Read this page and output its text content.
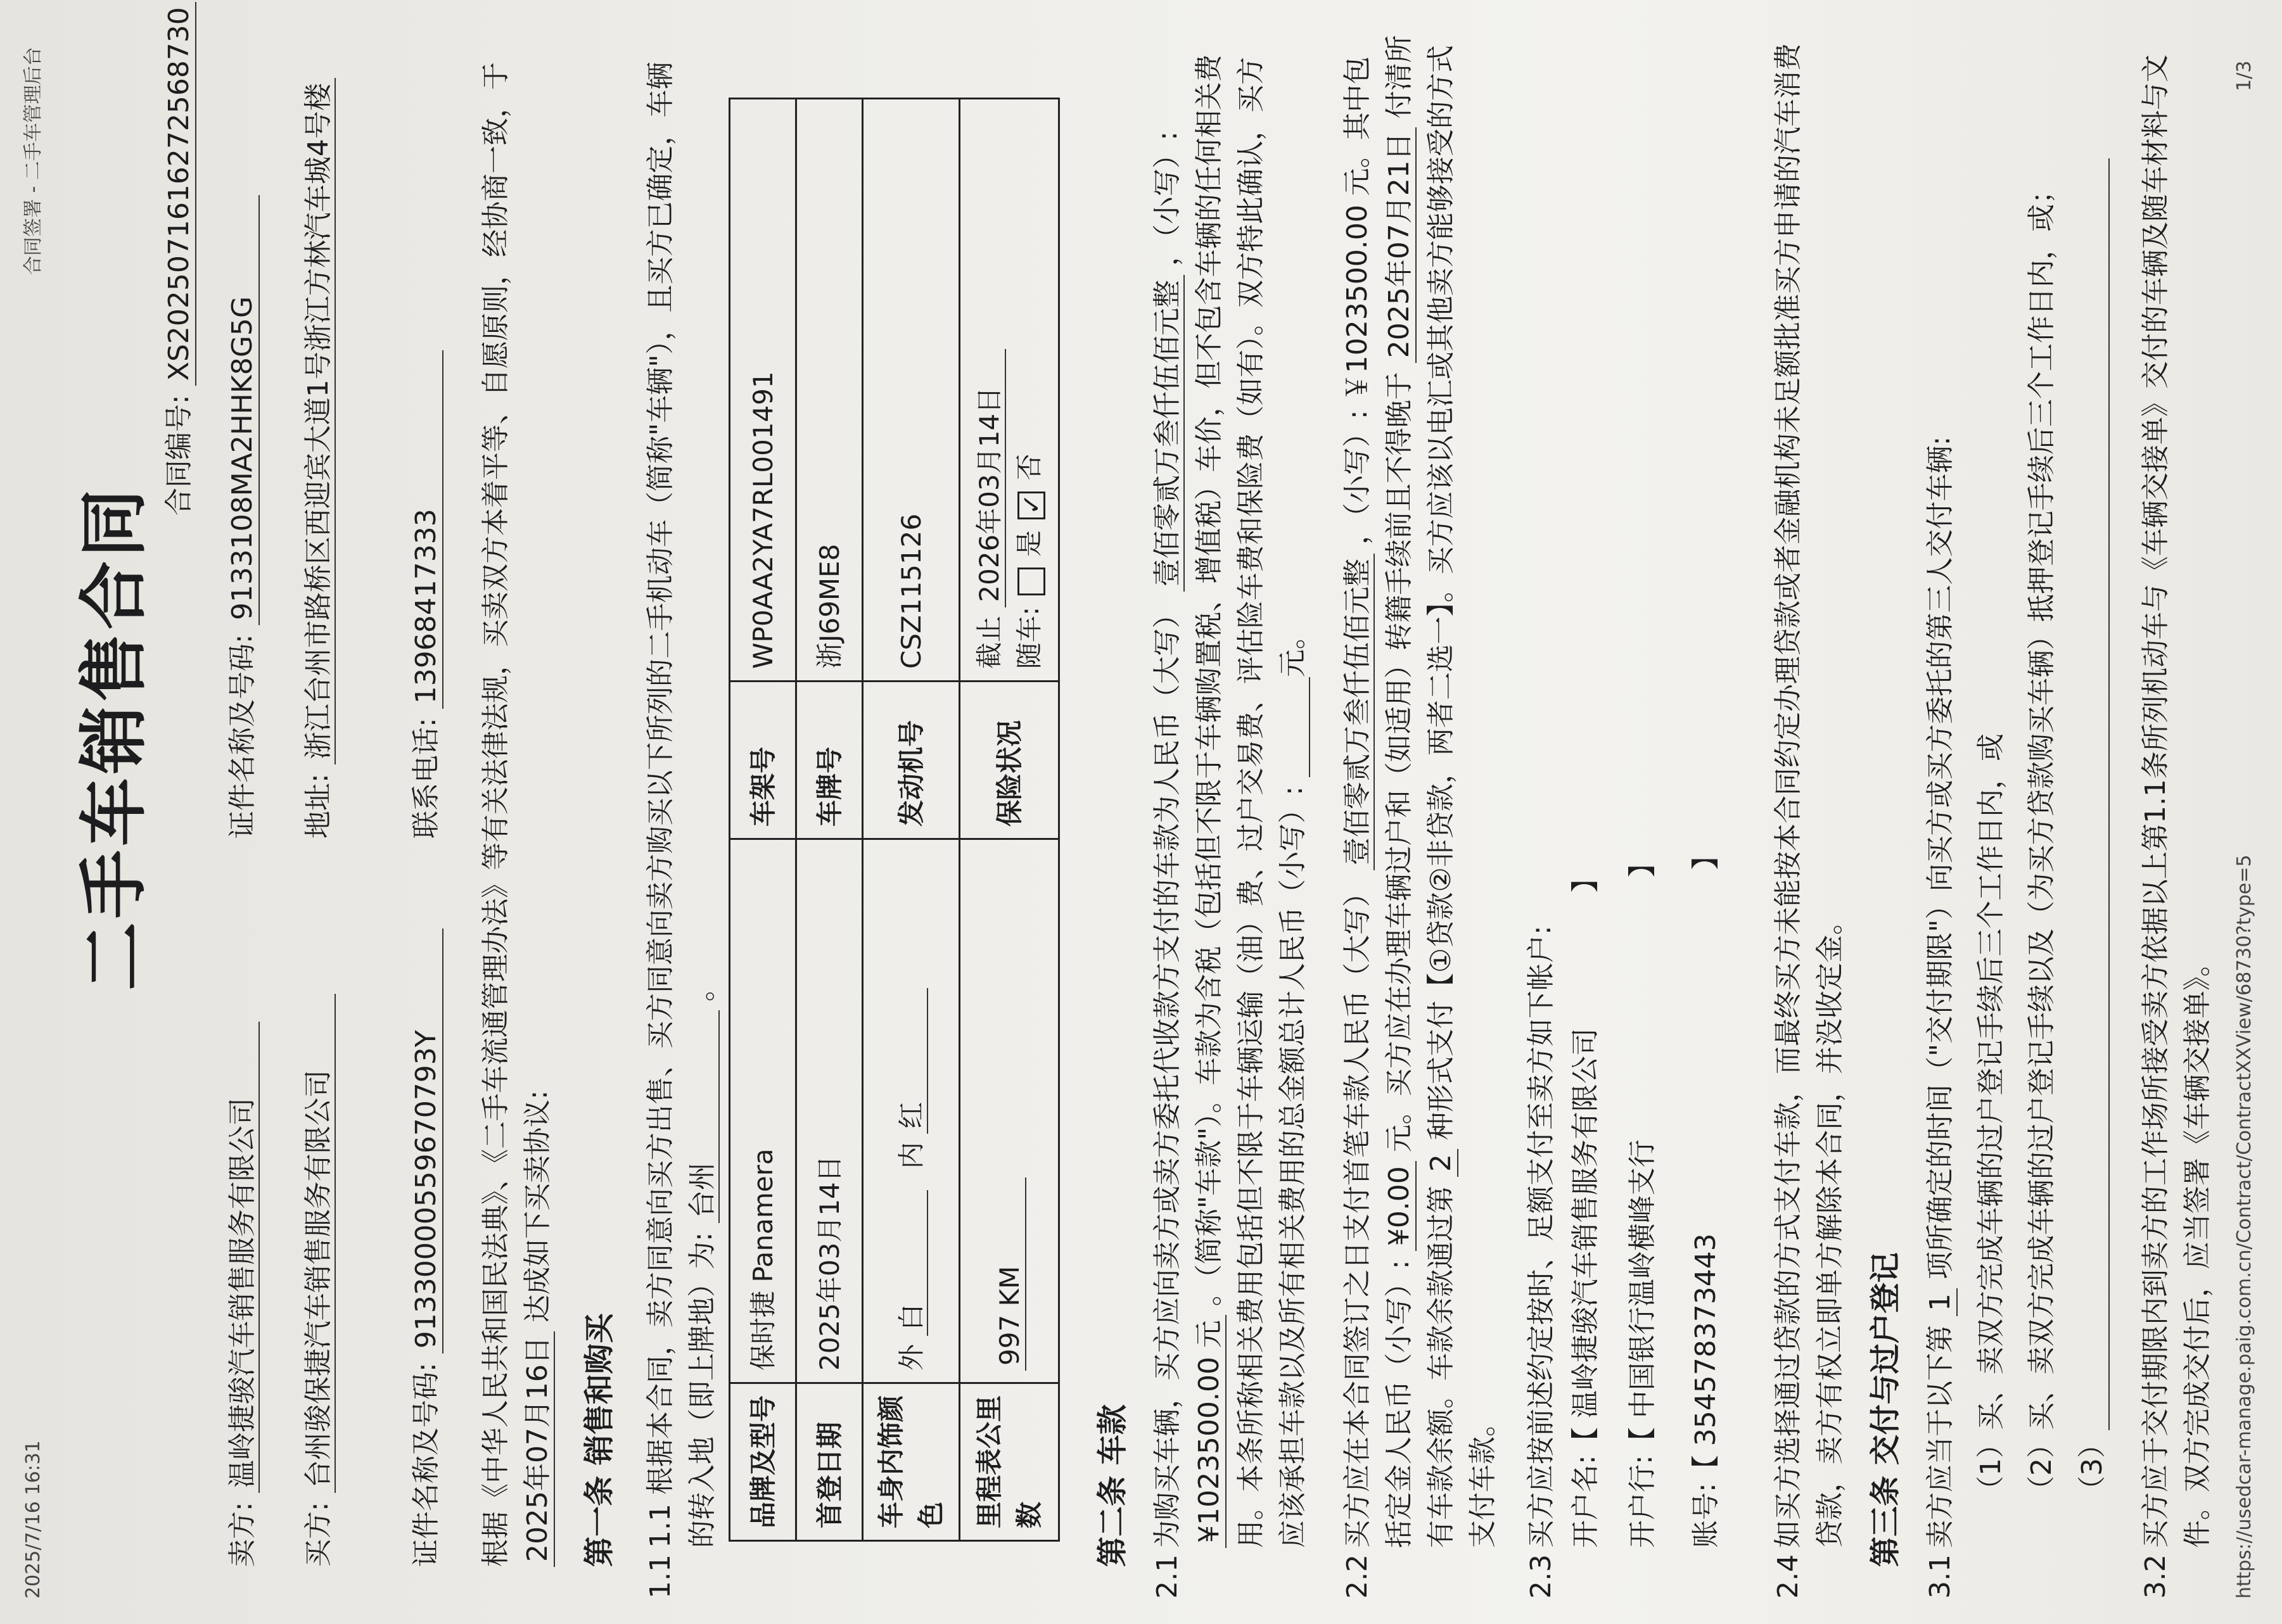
2025/7/16 16:31
合同签署 - 二手车管理后台
二手车销售合同
合同编号: XS2025071616272568730
卖方: 温岭捷骏汽车销售服务有限公司
证件名称及号码: 9133108MA2HHK8G5G
买方: 台州骏保捷汽车销售服务有限公司
地址: 浙江台州市路桥区西迎宾大道1号浙江方林汽车城4号楼
证件名称及号码: 91330000559670793Y
联系电话: 13968417333 根据《中华人民共和国民法典》、《二手车流通管理办法》等有关法律法规，买卖双方本着平等、自愿原则，经协商一致，于 2025年07月16日 达成如下买卖协议:
第一条 销售和购买
1.1
1.1 根据本合同，卖方同意向买方出售、买方同意向卖方购买以下所列的二手机动车（简称"车辆"），且买方已确定，车辆的转入地（即上牌地）为: 台州 。
品牌及型号	保时捷 Panamera	车架号	WP0AA2YA7RL001491
首登日期	2025年03月14日	车牌号	浙J69ME8
车身内饰颜色	外 白 内 红	发动机号	CSZ115126
里程表公里数	997 KM	保险状况	截止 2026年03月14日
随车:  是 ✓ 否
第二条 车款
2.1
为购买车辆，买方应向卖方或卖方委托代收款方支付的车款为人民币（大写） 壹佰零贰万叁仟伍佰元整 ，（小写）: ¥1023500.00 元 。（简称"车款"）。车款为含税（包括但不限于车辆购置税、增值税）车价，但不包含车辆的任何相关费用。本条所称相关费用包括但不限于车辆运输（油）费、过户交易费、评估险车费和保险费（如有）。双方特此确认，买方应该承担车款以及所有相关费用的总金额总计人民币（小写）: 元。
2.2
买方应在本合同签订之日支付首笔车款人民币（大写） 壹佰零贰万叁仟伍佰元整 ，（小写）: ￥1023500.00 元。其中包括定金人民币（小写）: ¥0.00 元。买方应在办理车辆过户和（如适用）转籍手续前且不得晚于 2025年07月21日 付清所有车款余额。车款余款通过第 2 种形式支付【①贷款②非贷款，两者二选一】。买方应该以电汇或其他卖方能够接受的方式支付车款。
2.3
买方应按前述约定按时、足额支付至卖方如下帐户: 开户名:【 温岭捷骏汽车销售服务有限公司 】
开户行:【 中国银行温岭横峰支行 】
账号:【 354578373443 】
2.4
如买方选择通过贷款的方式支付车款，而最终买方未能按本合同约定办理贷款或者金融机构未足额批准买方申请的汽车消费贷款，卖方有权立即单方解除本合同，并没收定金。 第三条 交付与过户登记
3.1
卖方应当于以下第 1 项所确定的时间（"交付期限"）向买方或买方委托的第三人交付车辆: （1）买、卖双方完成车辆的过户登记手续后三个工作日内，或 （2）买、卖双方完成车辆的过户登记手续以及（为买方贷款购买车辆）抵押登记手续后三个工作日内，或； （3）
3.2
买方应于交付期限内到卖方的工作场所接受卖方依据以上第1.1条所列机动车与《车辆交接单》交付的车辆及随车材料与文件。双方完成交付后，应当签署《车辆交接单》。 https://usedcar-manage.paig.com.cn/Contract/ContractXXView/68730?type=5
1/3
